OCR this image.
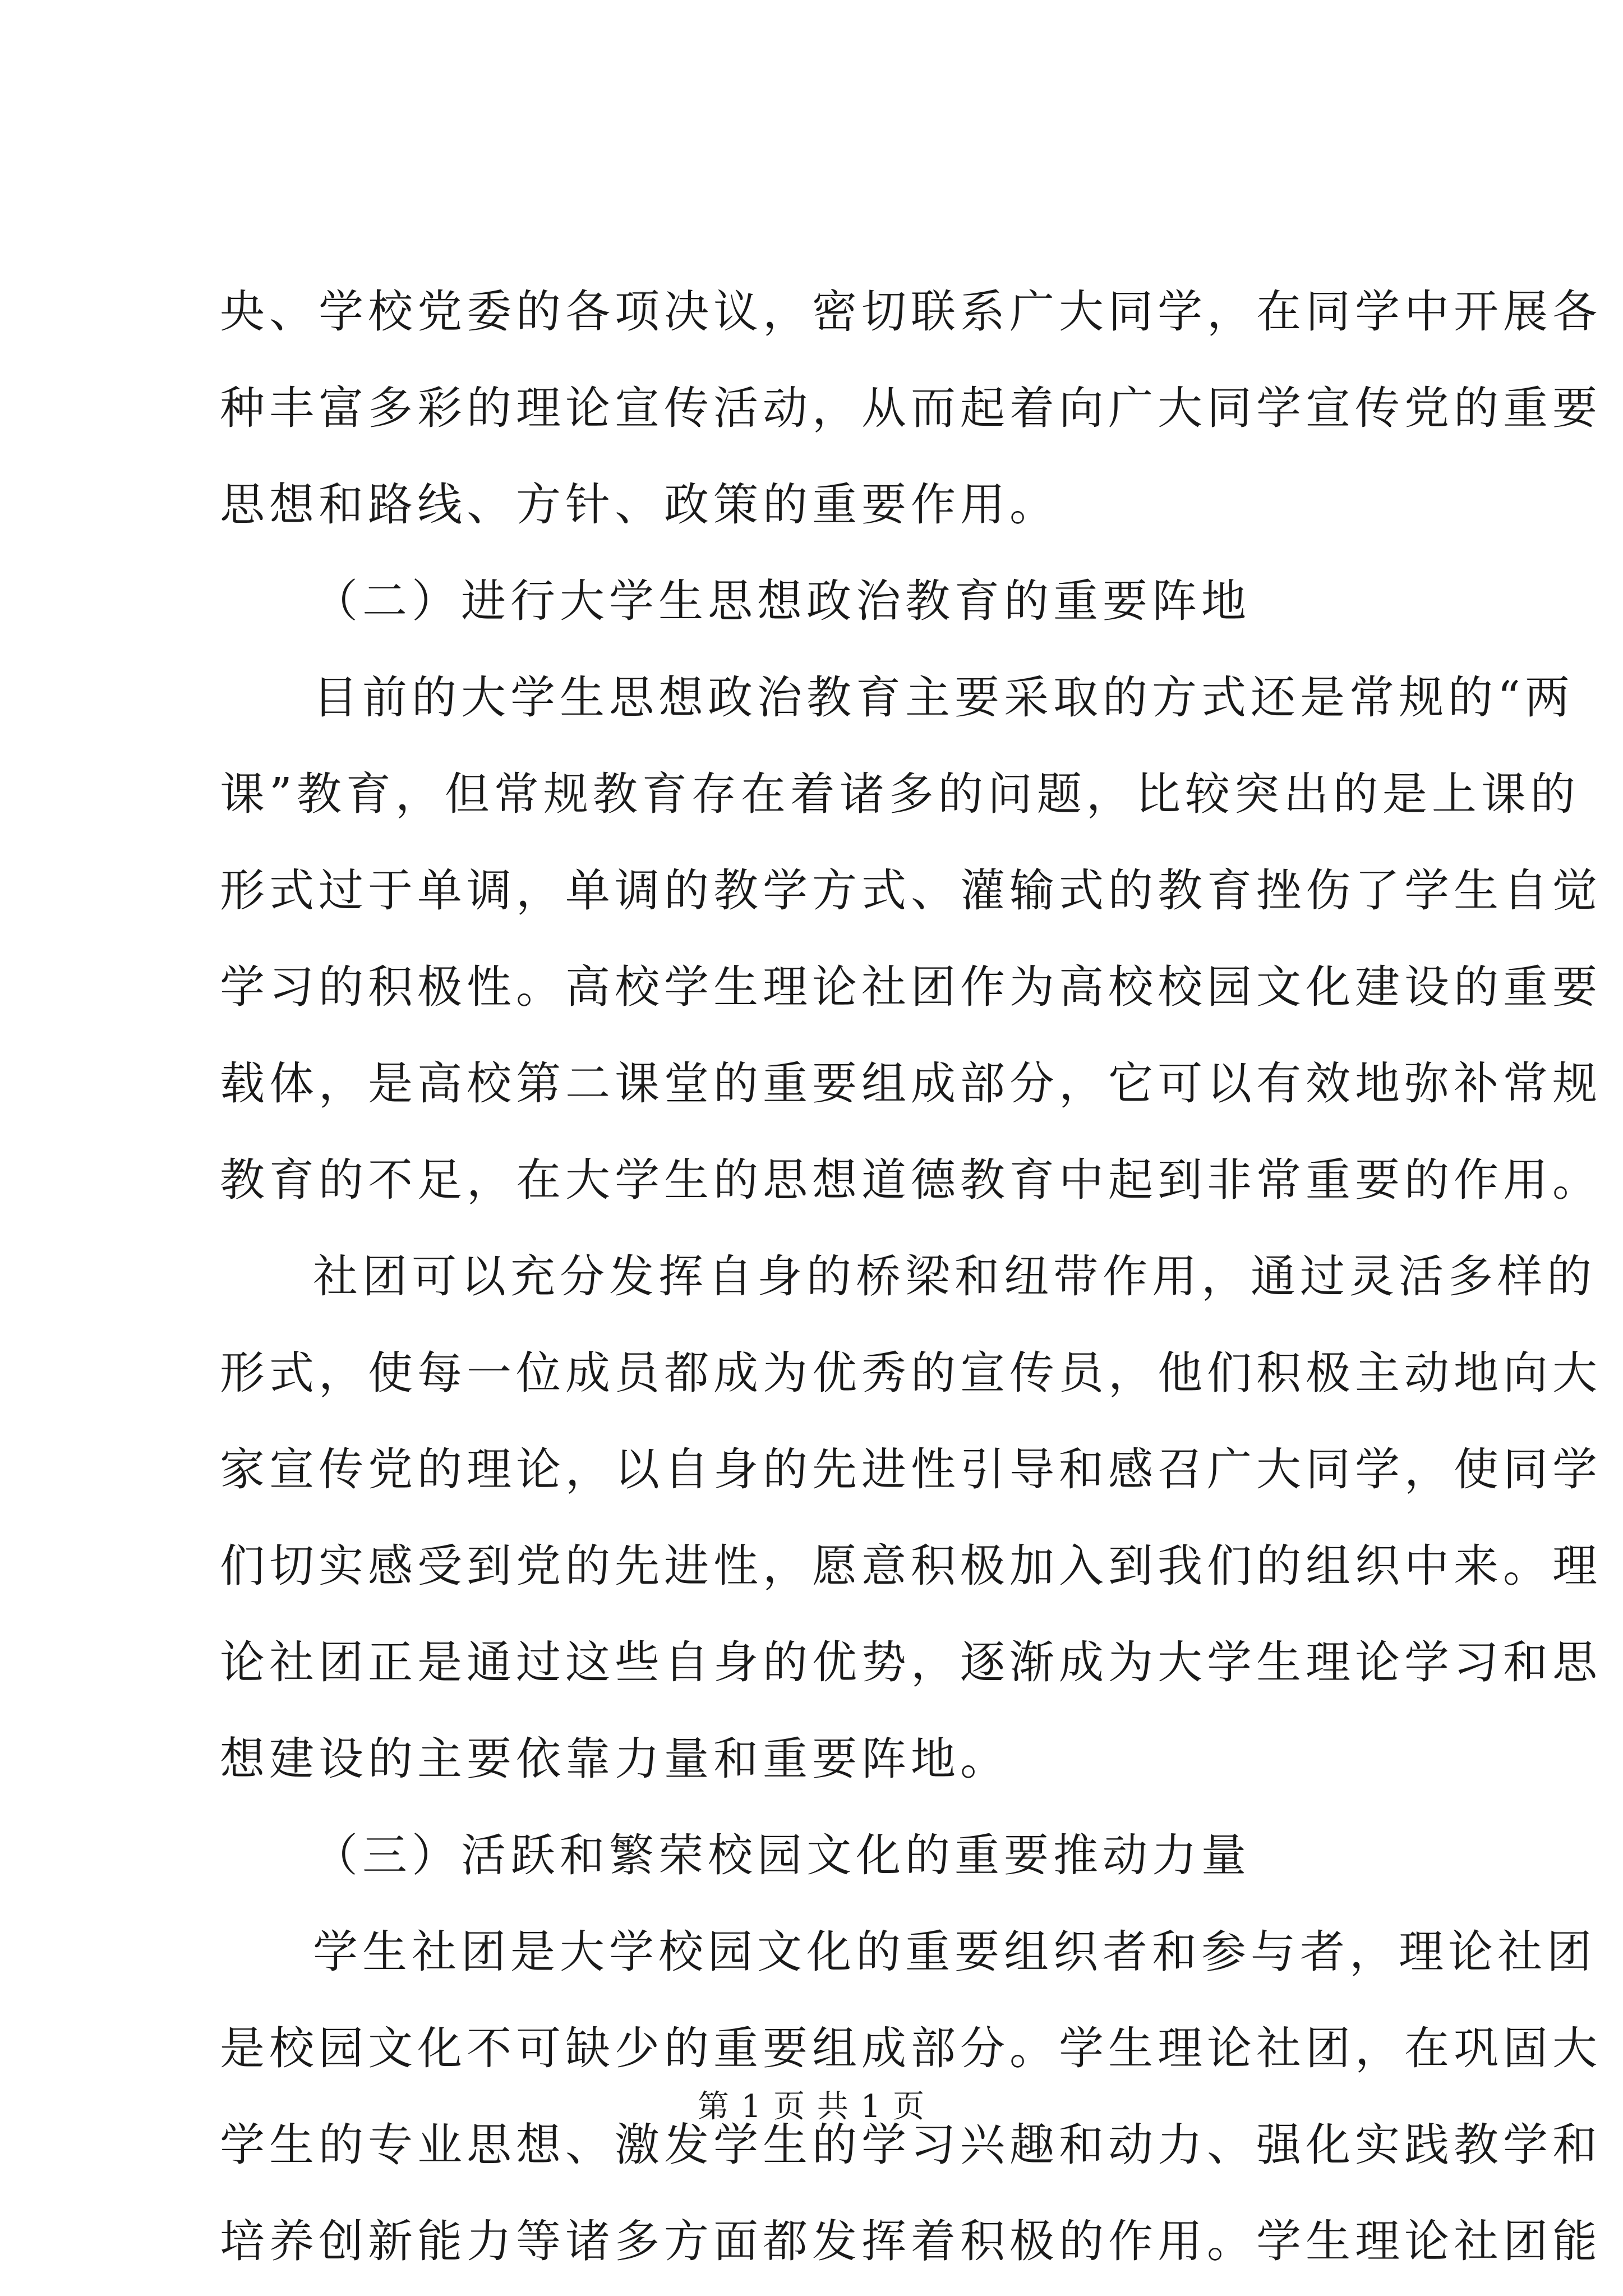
央、学校党委的各项决议，密切联系广大同学，在同学中开展各
种丰富多彩的理论宣传活动，从而起着向广大同学宣传党的重要
思想和路线、方针、政策的重要作用。
（二）进行大学生思想政治教育的重要阵地
目前的大学生思想政治教育主要采取的方式还是常规的“两
课”教育，但常规教育存在着诸多的问题，比较突出的是上课的
形式过于单调，单调的教学方式、灌输式的教育挫伤了学生自觉
学习的积极性。高校学生理论社团作为高校校园文化建设的重要
载体，是高校第二课堂的重要组成部分，它可以有效地弥补常规
教育的不足，在大学生的思想道德教育中起到非常重要的作用。
社团可以充分发挥自身的桥梁和纽带作用，通过灵活多样的
形式，使每一位成员都成为优秀的宣传员，他们积极主动地向大
家宣传党的理论，以自身的先进性引导和感召广大同学，使同学
们切实感受到党的先进性，愿意积极加入到我们的组织中来。理
论社团正是通过这些自身的优势，逐渐成为大学生理论学习和思
想建设的主要依靠力量和重要阵地。
（三）活跃和繁荣校园文化的重要推动力量
学生社团是大学校园文化的重要组织者和参与者，理论社团
是校园文化不可缺少的重要组成部分。学生理论社团，在巩固大
学生的专业思想、激发学生的学习兴趣和动力、强化实践教学和
培养创新能力等诸多方面都发挥着积极的作用。学生理论社团能
第 1 页 共 1 页
